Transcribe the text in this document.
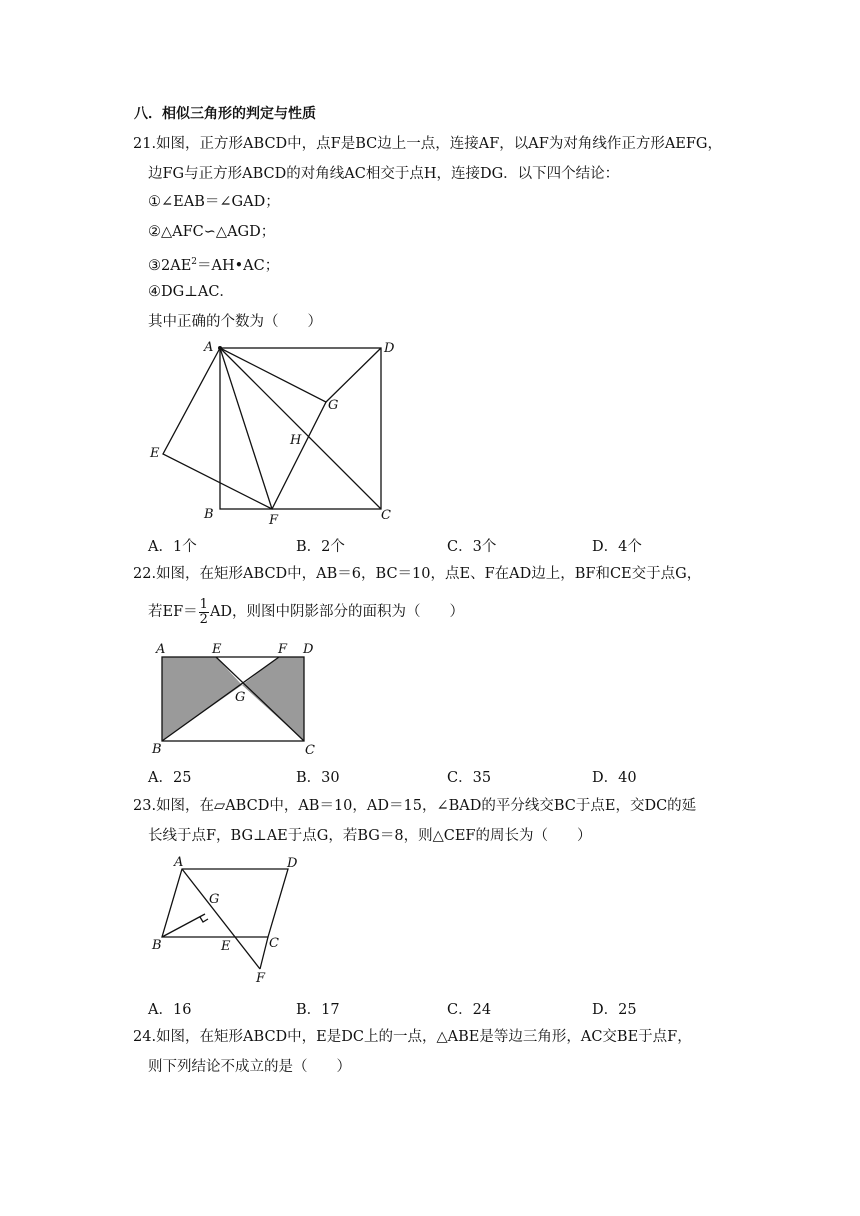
八．相似三角形的判定与性质
21.如图，正方形ABCD中，点F是BC边上一点，连接AF，以AF为对角线作正方形AEFG，
边FG与正方形ABCD的对角线AC相交于点H，连接DG．以下四个结论：
①∠EAB＝∠GAD；
②△AFC∽△AGD；
$③2AE^2=AH•AC$；
④DG⊥AC．
其中正确的个数为（　　）
A	D
G
H
E
B	F	C
A．1个	B．2个	C．3个	D．4个
22.如图，在矩形ABCD中，AB＝6，BC＝10，点E、F在AD边上，BF和CE交于点G，
若$EF= \frac{1}{2}$ AD，则图中阴影部分的面积为（　　）
A	E	F D
G
B	C
A．25	B．30	C．35	D．40
23.如图，在▱ABCD中，AB＝10，AD＝15，∠BAD的平分线交BC于点E，交DC的延
长线于点F，BG⊥AE于点G，若BG＝8，则△CEF的周长为（　　）
A	D
G
B	E	C
F
A．16	B．17	C．24	D．25
24.如图，在矩形ABCD中，E是DC上的一点，△ABE是等边三角形，AC交BE于点F，
则下列结论不成立的是（　　）
